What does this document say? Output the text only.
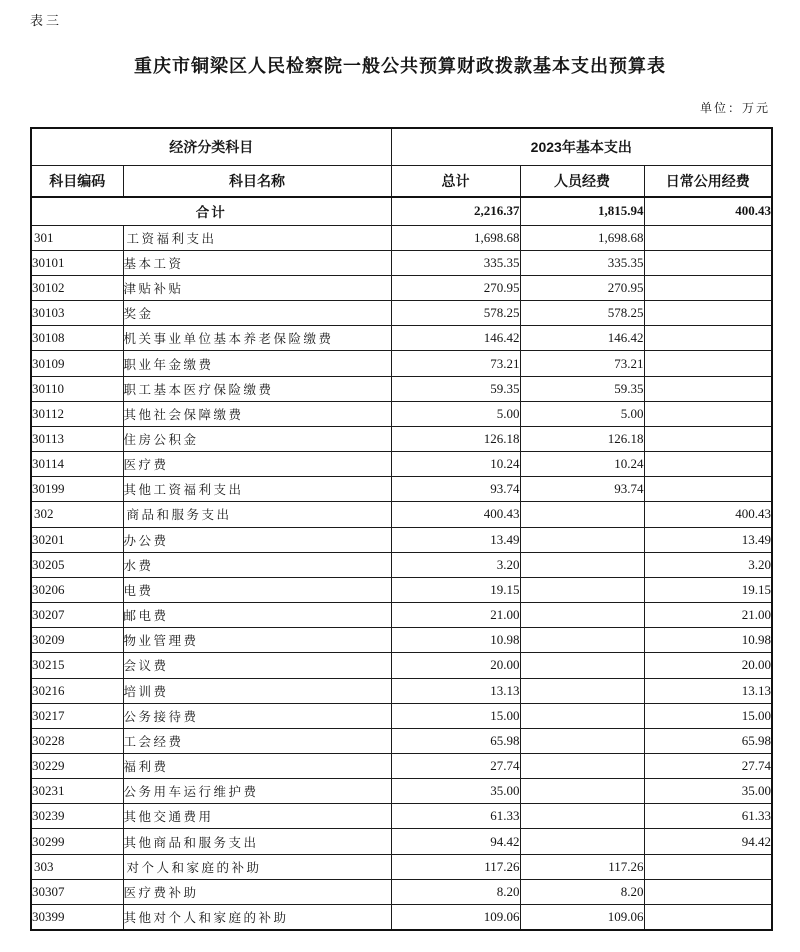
表三
重庆市铜梁区人民检察院一般公共预算财政拨款基本支出预算表
单位：万元
经济分类科目		2023年基本支出		
科目编码	科目名称	总计	人员经费	日常公用经费
合计		2,216.37	1,815.94	400.43
301	工资福利支出	1,698.68	1,698.68	
30101	基本工资	335.35	335.35	
30102	津贴补贴	270.95	270.95	
30103	奖金	578.25	578.25	
30108	机关事业单位基本养老保险缴费	146.42	146.42	
30109	职业年金缴费	73.21	73.21	
30110	职工基本医疗保险缴费	59.35	59.35	
30112	其他社会保障缴费	5.00	5.00	
30113	住房公积金	126.18	126.18	
30114	医疗费	10.24	10.24	
30199	其他工资福利支出	93.74	93.74	
302	商品和服务支出	400.43		400.43
30201	办公费	13.49		13.49
30205	水费	3.20		3.20
30206	电费	19.15		19.15
30207	邮电费	21.00		21.00
30209	物业管理费	10.98		10.98
30215	会议费	20.00		20.00
30216	培训费	13.13		13.13
30217	公务接待费	15.00		15.00
30228	工会经费	65.98		65.98
30229	福利费	27.74		27.74
30231	公务用车运行维护费	35.00		35.00
30239	其他交通费用	61.33		61.33
30299	其他商品和服务支出	94.42		94.42
303	对个人和家庭的补助	117.26	117.26	
30307	医疗费补助	8.20	8.20	
30399	其他对个人和家庭的补助	109.06	109.06	
